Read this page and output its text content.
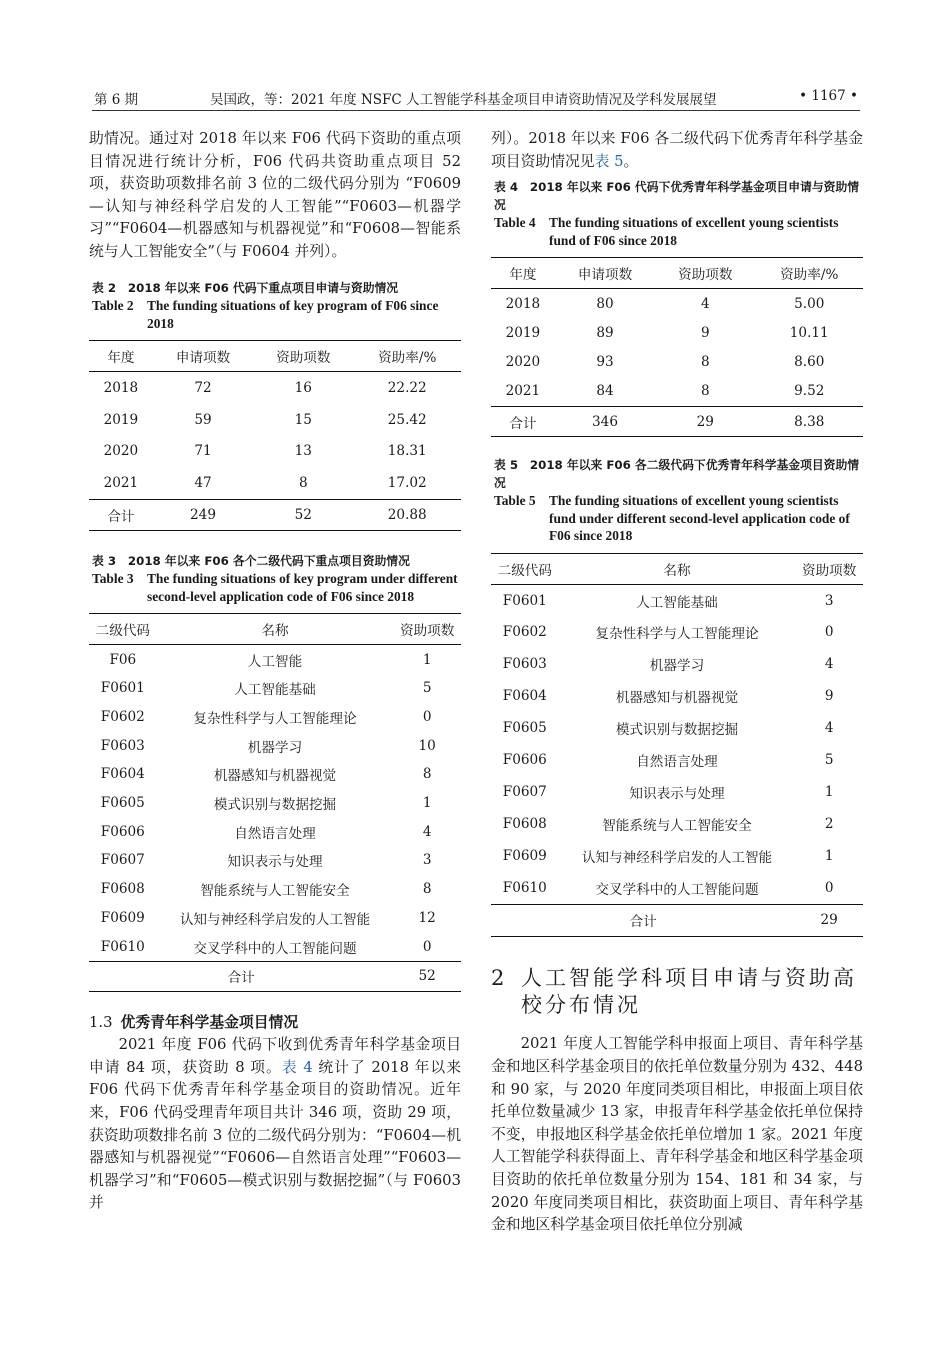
第 6 期	吴国政，等：2021 年度 NSFC 人工智能学科基金项目申请资助情况及学科发展展望	• 1167 •

助情况。通过对 2018 年以来 F06 代码下资助的重点项目情况进行统计分析，F06 代码共资助重点项目 52 项，获资助项数排名前 3 位的二级代码分别为 “F0609—认知与神经科学启发的人工智能”“F0603—机器学习”“F0604—机器感知与机器视觉”和“F0608—智能系统与人工智能安全”（与 F0604 并列）。

表 2　2018 年以来 F06 代码下重点项目申请与资助情况

Table 2	The funding situations of key program of F06 since 2018

年度	申请项数	资助项数	资助率/%
2018	72	16	22.22
2019	59	15	25.42
2020	71	13	18.31
2021	47	8	17.02
合计	249	52	20.88

表 3　2018 年以来 F06 各个二级代码下重点项目资助情况

Table 3	The funding situations of key program under different second-level application code of F06 since 2018

二级代码	名称	资助项数
F06	人工智能	1
F0601	人工智能基础	5
F0602	复杂性科学与人工智能理论	0
F0603	机器学习	10
F0604	机器感知与机器视觉	8
F0605	模式识别与数据挖掘	1
F0606	自然语言处理	4
F0607	知识表示与处理	3
F0608	智能系统与人工智能安全	8
F0609	认知与神经科学启发的人工智能	12
F0610	交叉学科中的人工智能问题	0
合计		52

1.3 优秀青年科学基金项目情况

2021 年度 F06 代码下收到优秀青年科学基金项目申请 84 项，获资助 8 项。表 4 统计了 2018 年以来 F06 代码下优秀青年科学基金项目的资助情况。近年来，F06 代码受理青年项目共计 346 项，资助 29 项，获资助项数排名前 3 位的二级代码分别为：“F0604—机器感知与机器视觉”“F0606—自然语言处理”“F0603—机器学习”和“F0605—模式识别与数据挖掘”（与 F0603 并

列）。2018 年以来 F06 各二级代码下优秀青年科学基金项目资助情况见表 5。

表 4　2018 年以来 F06 代码下优秀青年科学基金项目申请与资助情况

Table 4	The funding situations of excellent young scientists fund of F06 since 2018

年度	申请项数	资助项数	资助率/%
2018	80	4	5.00
2019	89	9	10.11
2020	93	8	8.60
2021	84	8	9.52
合计	346	29	8.38

表 5　2018 年以来 F06 各二级代码下优秀青年科学基金项目资助情况

Table 5	The funding situations of excellent young scientists fund under different second-level application code of F06 since 2018

二级代码	名称	资助项数
F0601	人工智能基础	3
F0602	复杂性科学与人工智能理论	0
F0603	机器学习	4
F0604	机器感知与机器视觉	9
F0605	模式识别与数据挖掘	4
F0606	自然语言处理	5
F0607	知识表示与处理	1
F0608	智能系统与人工智能安全	2
F0609	认知与神经科学启发的人工智能	1
F0610	交叉学科中的人工智能问题	0
合计		29
2 人工智能学科项目申请与资助高校分布情况

2021 年度人工智能学科申报面上项目、青年科学基金和地区科学基金项目的依托单位数量分别为 432、448 和 90 家，与 2020 年度同类项目相比，申报面上项目依托单位数量减少 13 家，申报青年科学基金依托单位保持不变，申报地区科学基金依托单位增加 1 家。2021 年度人工智能学科获得面上、青年科学基金和地区科学基金项目资助的依托单位数量分别为 154、181 和 34 家，与 2020 年度同类项目相比，获资助面上项目、青年科学基金和地区科学基金项目依托单位分别减
